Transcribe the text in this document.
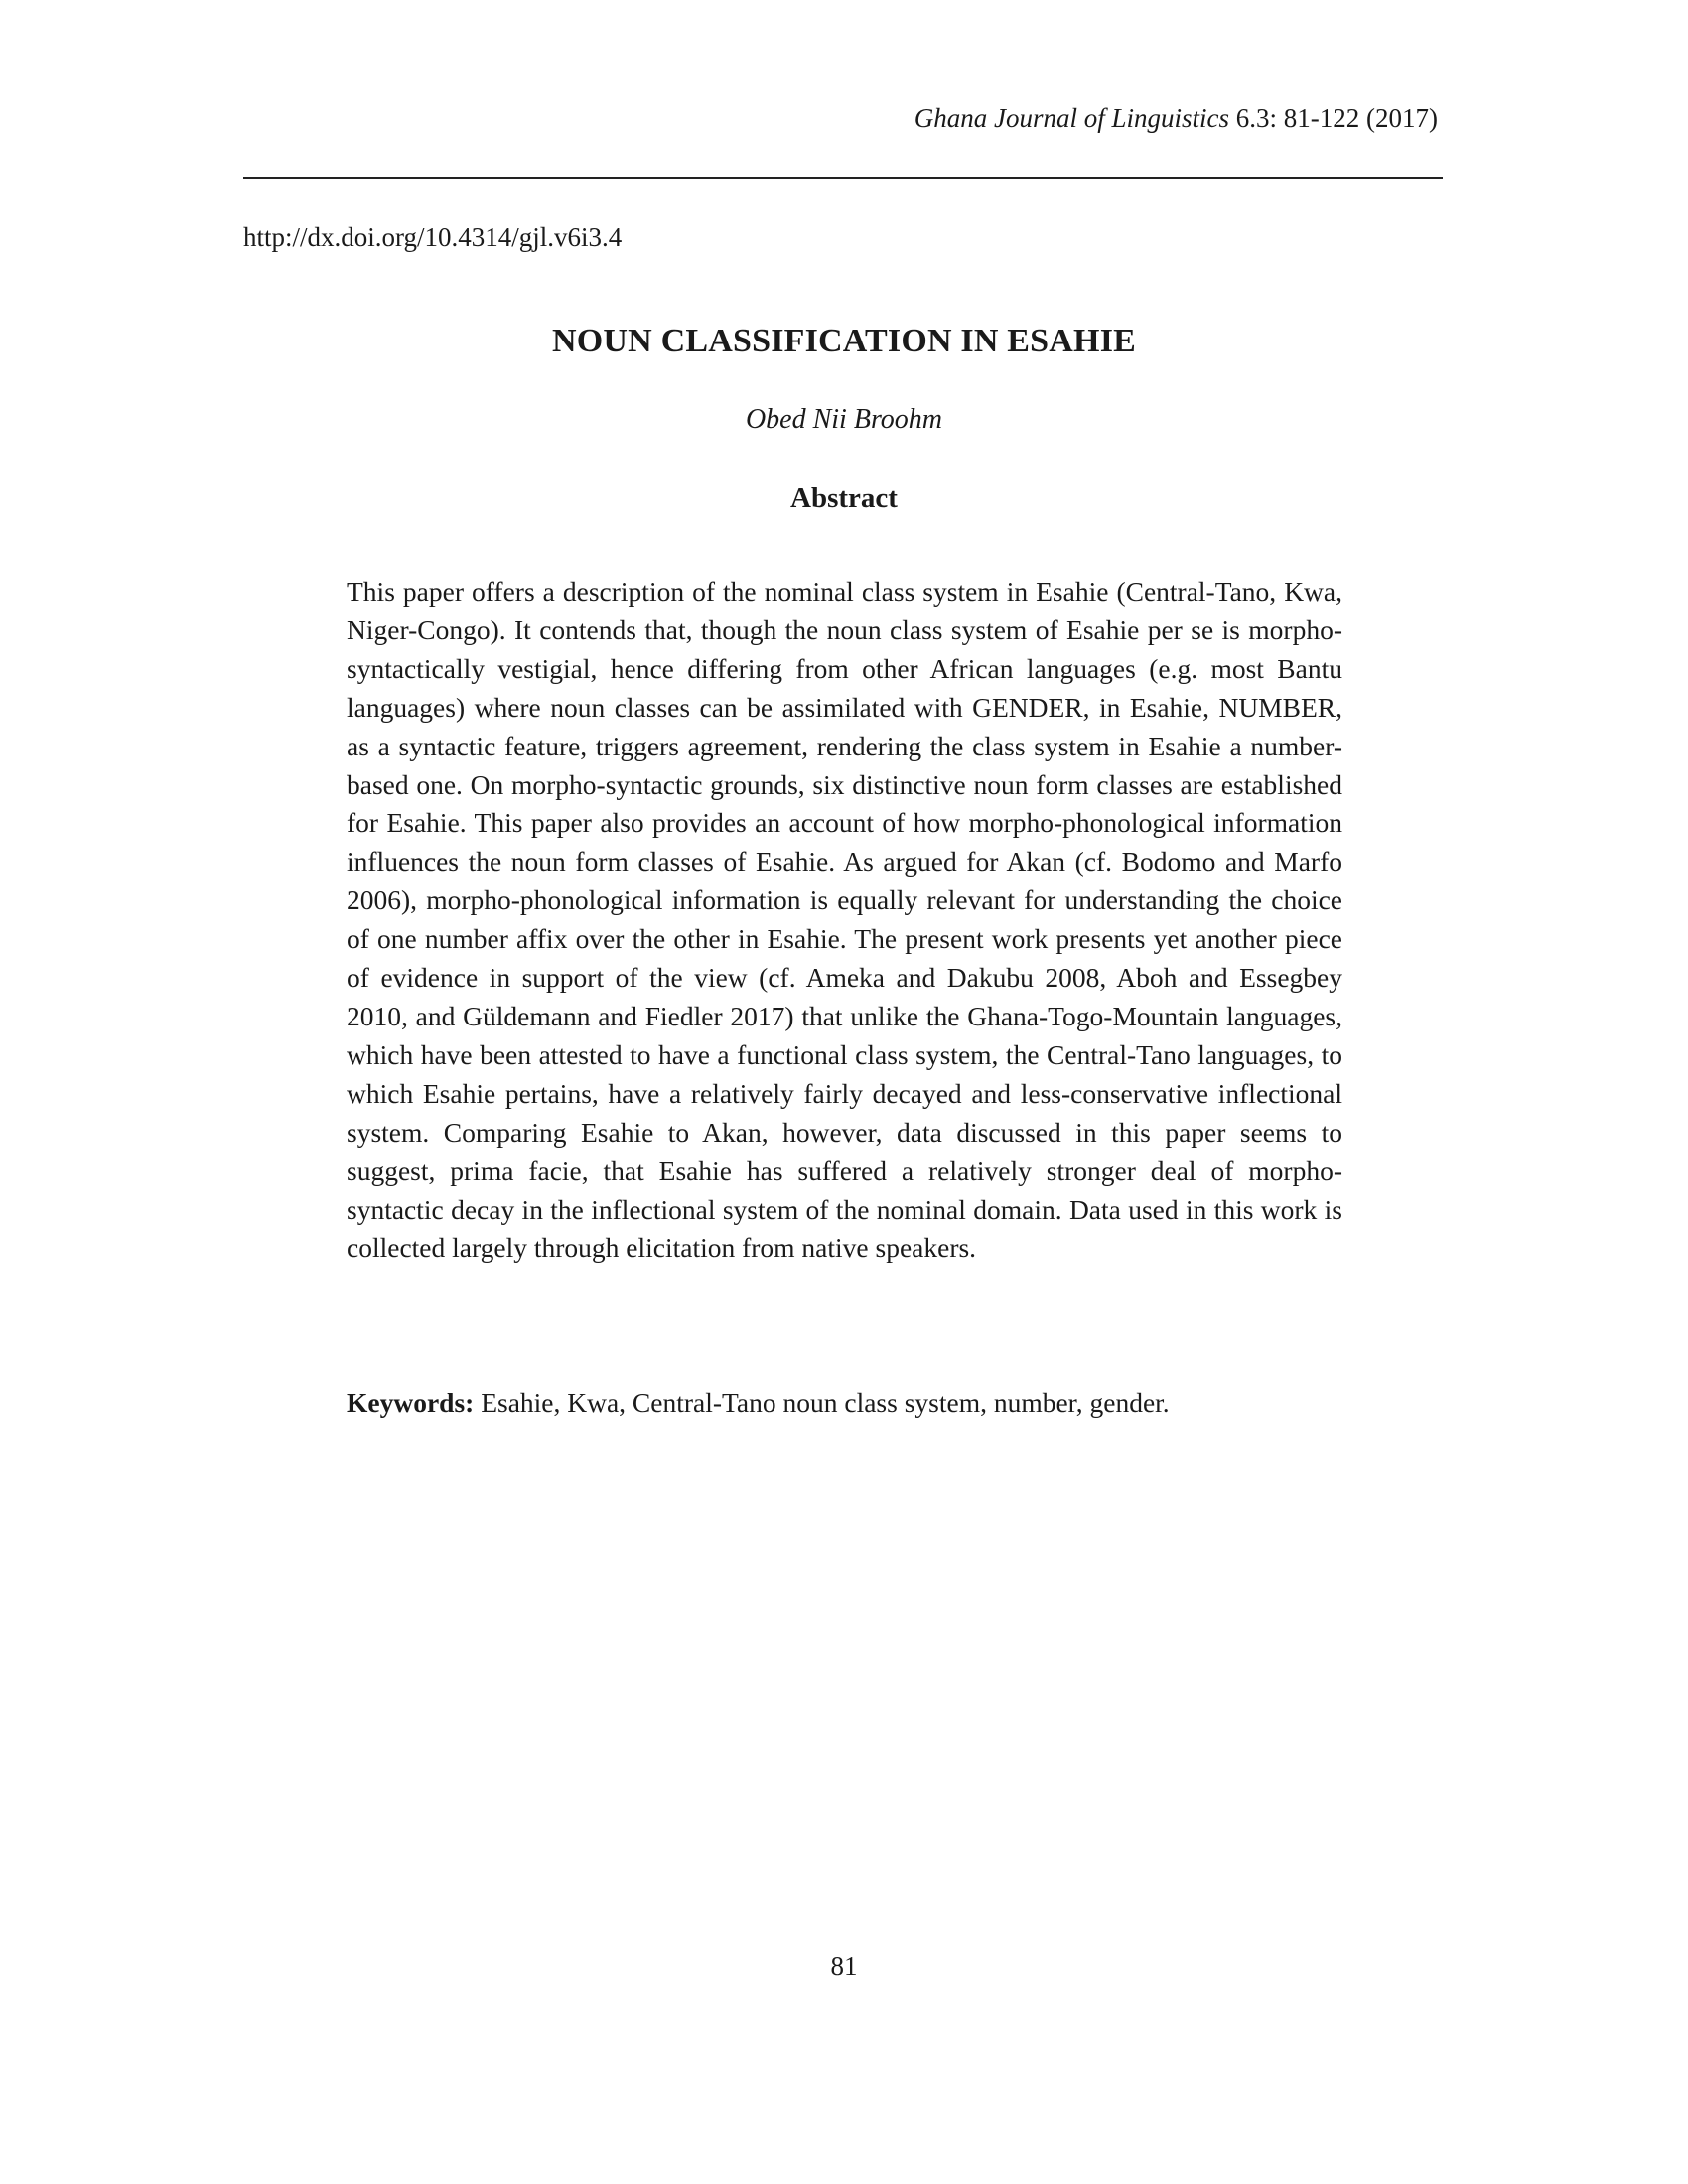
Ghana Journal of Linguistics 6.3: 81-122 (2017)
http://dx.doi.org/10.4314/gjl.v6i3.4
NOUN CLASSIFICATION IN ESAHIE
Obed Nii Broohm
Abstract

This paper offers a description of the nominal class system in Esahie (Central-Tano, Kwa, Niger-Congo). It contends that, though the noun class system of Esahie per se is morpho-syntactically vestigial, hence differing from other African languages (e.g. most Bantu languages) where noun classes can be assimilated with GENDER, in Esahie, NUMBER, as a syntactic feature, triggers agreement, rendering the class system in Esahie a number-based one. On morpho-syntactic grounds, six distinctive noun form classes are established for Esahie. This paper also provides an account of how morpho-phonological information influences the noun form classes of Esahie. As argued for Akan (cf. Bodomo and Marfo 2006), morpho-phonological information is equally relevant for understanding the choice of one number affix over the other in Esahie. The present work presents yet another piece of evidence in support of the view (cf. Ameka and Dakubu 2008, Aboh and Essegbey 2010, and Güldemann and Fiedler 2017) that unlike the Ghana-Togo-Mountain languages, which have been attested to have a functional class system, the Central-Tano languages, to which Esahie pertains, have a relatively fairly decayed and less-conservative inflectional system. Comparing Esahie to Akan, however, data discussed in this paper seems to suggest, prima facie, that Esahie has suffered a relatively stronger deal of morpho-syntactic decay in the inflectional system of the nominal domain. Data used in this work is collected largely through elicitation from native speakers.

Keywords: Esahie, Kwa, Central-Tano noun class system, number, gender.

81
